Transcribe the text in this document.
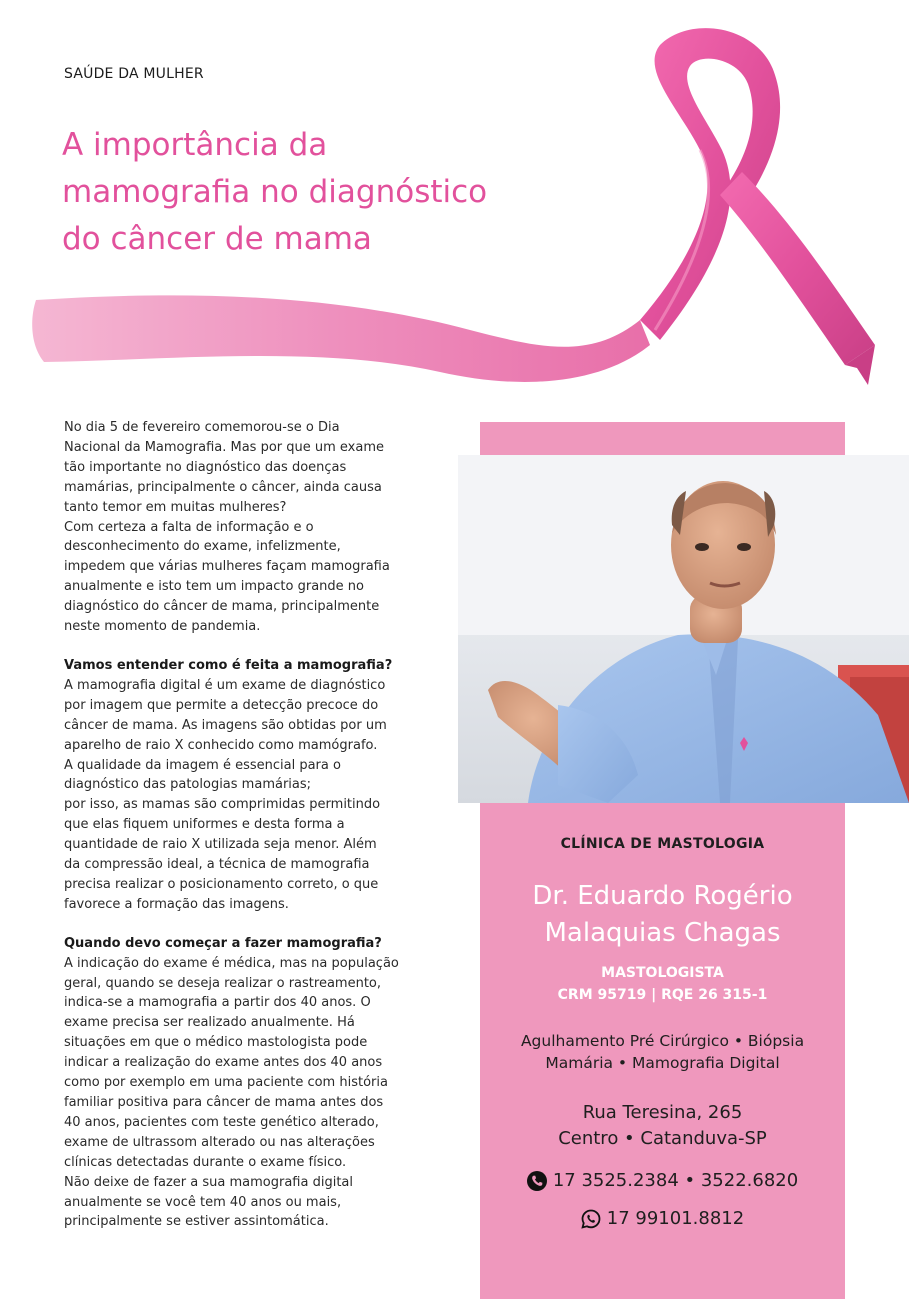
SAÚDE DA MULHER
A importância da
mamografia no diagnóstico
do câncer de mama

No dia 5 de fevereiro comemorou-se o Dia

Nacional da Mamografia. Mas por que um exame

tão importante no diagnóstico das doenças

mamárias, principalmente o câncer, ainda causa

tanto temor em muitas mulheres?

Com certeza a falta de informação e o

desconhecimento do exame, infelizmente,

impedem que várias mulheres façam mamografia

anualmente e isto tem um impacto grande no

diagnóstico do câncer de mama, principalmente

neste momento de pandemia.

Vamos entender como é feita a mamografia?

A mamografia digital é um exame de diagnóstico

por imagem que permite a detecção precoce do

câncer de mama. As imagens são obtidas por um

aparelho de raio X conhecido como mamógrafo.

A qualidade da imagem é essencial para o

diagnóstico das patologias mamárias;

por isso, as mamas são comprimidas permitindo

que elas fiquem uniformes e desta forma a

quantidade de raio X utilizada seja menor. Além

da compressão ideal, a técnica de mamografia

precisa realizar o posicionamento correto, o que

favorece a formação das imagens.

Quando devo começar a fazer mamografia?

A indicação do exame é médica, mas na população

geral, quando se deseja realizar o rastreamento,

indica-se a mamografia a partir dos 40 anos. O

exame precisa ser realizado anualmente. Há

situações em que o médico mastologista pode

indicar a realização do exame antes dos 40 anos

como por exemplo em uma paciente com história

familiar positiva para câncer de mama antes dos

40 anos, pacientes com teste genético alterado,

exame de ultrassom alterado ou nas alterações

clínicas detectadas durante o exame físico.

Não deixe de fazer a sua mamografia digital

anualmente se você tem 40 anos ou mais,

principalmente se estiver assintomática.

CLÍNICA DE MASTOLOGIA
Dr. Eduardo Rogério
Malaquias Chagas
MASTOLOGISTA
CRM 95719 | RQE 26 315-1
Agulhamento Pré Cirúrgico • Biópsia
Mamária • Mamografia Digital
Rua Teresina, 265
Centro • Catanduva-SP
17 3525.2384 • 3522.6820
17 99101.8812
